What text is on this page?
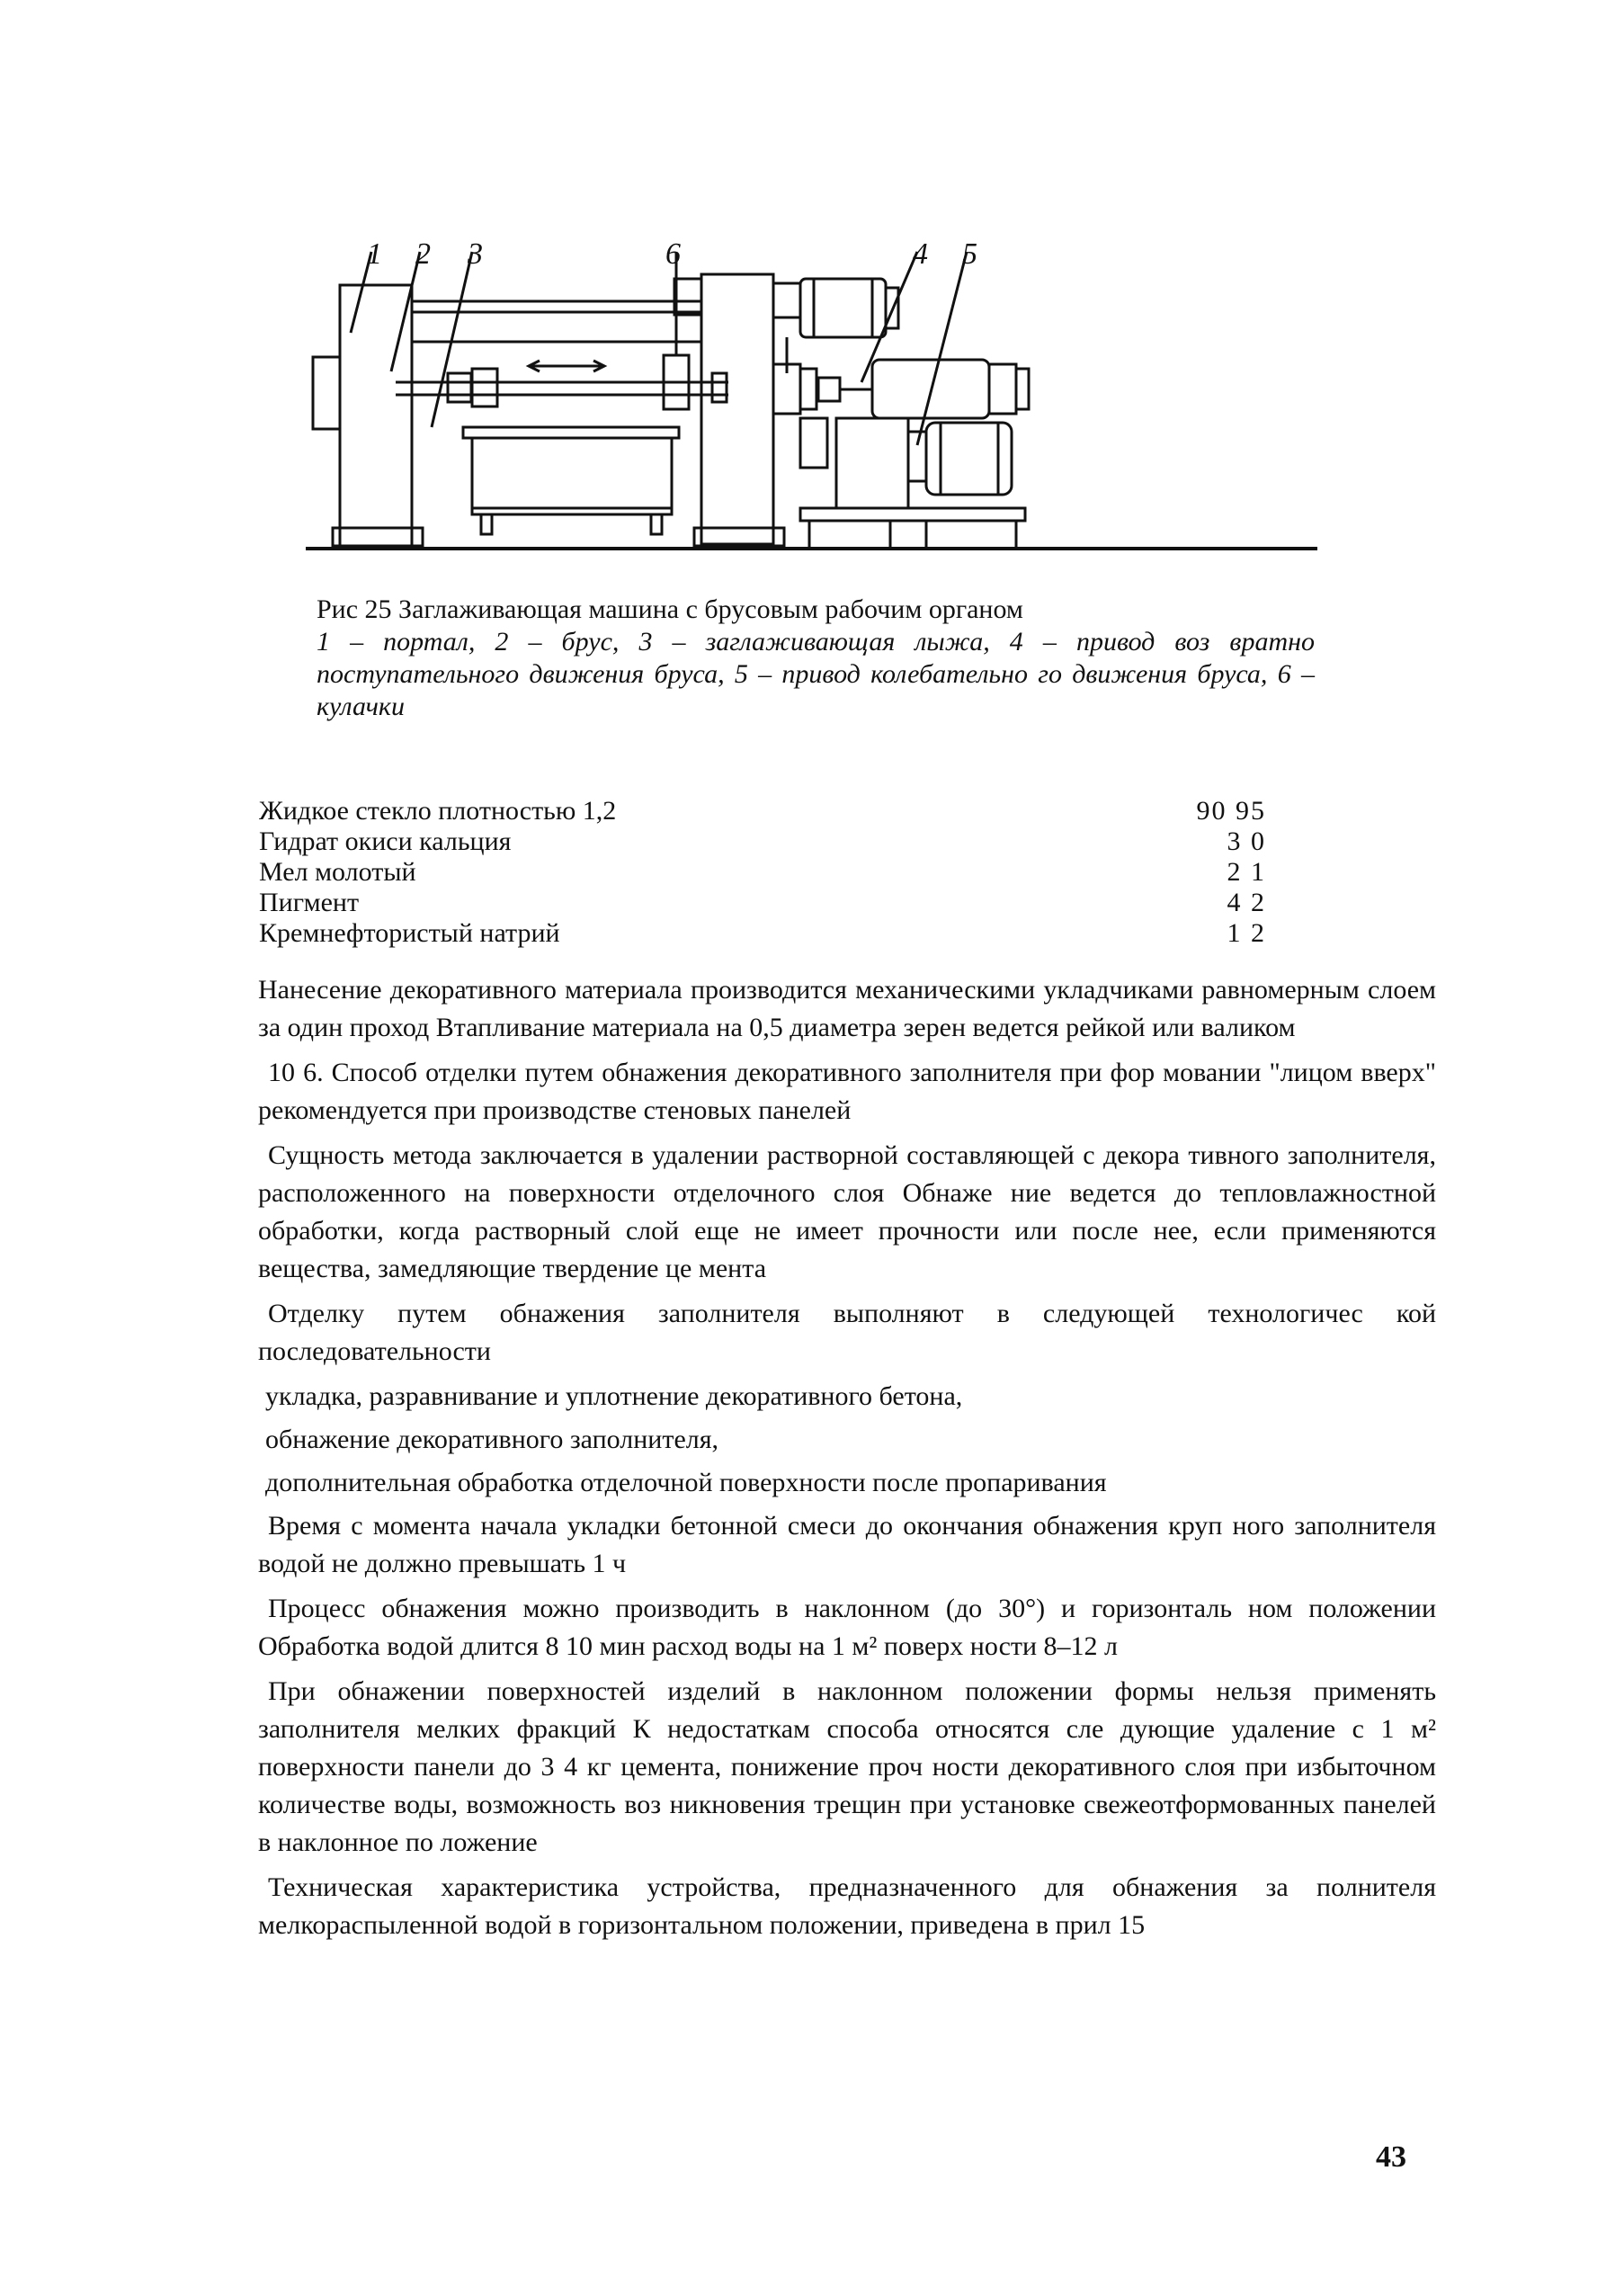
1 2 3	6	4 5
Рис 25 Заглаживающая машина с брусовым рабочим органом
1 – портал, 2 – брус, 3 – заглаживающая лыжа, 4 – привод воз вратно поступательного движения бруса, 5 – привод колебательно го движения бруса, 6 – кулачки
Жидкое стекло плотностью 1,2	90 95
Гидрат окиси кальция	3 0
Мел молотый	2 1
Пигмент	4 2
Кремнефтористый натрий	1 2

Нанесение декоративного материала производится механическими укладчиками равномерным слоем за один проход Втапливание материала на 0,5 диаметра зерен ведется рейкой или валиком

10 6. Способ отделки путем обнажения декоративного заполнителя при фор мовании "лицом вверх" рекомендуется при производстве стеновых панелей

Сущность метода заключается в удалении растворной составляющей с декора тивного заполнителя, расположенного на поверхности отделочного слоя Обнаже ние ведется до тепловлажностной обработки, когда растворный слой еще не имеет прочности или после нее, если применяются вещества, замедляющие твердение це мента

Отделку путем обнажения заполнителя выполняют в следующей технологичес кой последовательности

укладка, разравнивание и уплотнение декоративного бетона,

обнажение декоративного заполнителя,

дополнительная обработка отделочной поверхности после пропаривания

Время с момента начала укладки бетонной смеси до окончания обнажения круп ного заполнителя водой не должно превышать 1 ч

Процесс обнажения можно производить в наклонном (до 30°) и горизонталь ном положении Обработка водой длится 8 10 мин расход воды на 1 м² поверх ности 8–12 л

При обнажении поверхностей изделий в наклонном положении формы нельзя применять заполнителя мелких фракций К недостаткам способа относятся сле дующие удаление с 1 м² поверхности панели до 3 4 кг цемента, понижение проч ности декоративного слоя при избыточном количестве воды, возможность воз никновения трещин при установке свежеотформованных панелей в наклонное по ложение

Техническая характеристика устройства, предназначенного для обнажения за полнителя мелкораспыленной водой в горизонтальном положении, приведена в прил 15

43
